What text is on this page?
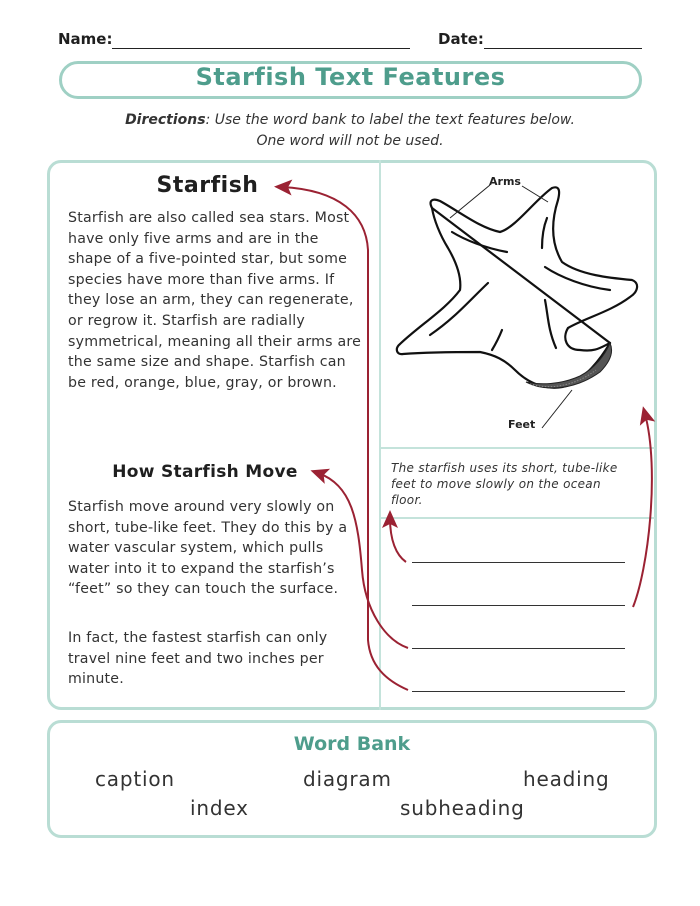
Name:	Date:
Starfish Text Features
Directions: Use the word bank to label the text features below.
One word will not be used.
Starfish
Starfish are also called sea stars. Most have only five arms and are in the shape of a five-pointed star, but some species have more than five arms. If they lose an arm, they can regenerate, or regrow it. Starfish are radially symmetrical, meaning all their arms are the same size and shape. Starfish can be red, orange, blue, gray, or brown.
How Starfish Move
Starfish move around very slowly on short, tube-like feet. They do this by a water vascular system, which pulls water into it to expand the starfish’s “feet” so they can touch the surface.
In fact, the fastest starfish can only travel nine feet and two inches per minute.
Arms
Feet
The starfish uses its short, tube-like feet to move slowly on the ocean floor.
Word Bank
caption	diagram	heading
index	subheading
